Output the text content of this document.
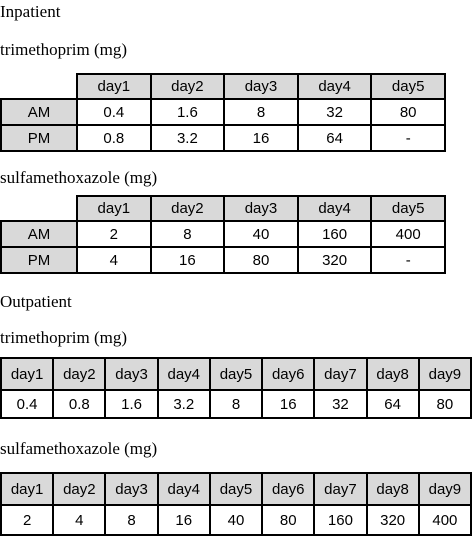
Inpatient
trimethoprim (mg)
	day1	day2	day3	day4	day5
AM	0.4	1.6	8	32	80
PM	0.8	3.2	16	64	-
sulfamethoxazole (mg)
	day1	day2	day3	day4	day5
AM	2	8	40	160	400
PM	4	16	80	320	-
Outpatient
trimethoprim (mg)
day1	day2	day3	day4	day5	day6	day7	day8	day9
0.4	0.8	1.6	3.2	8	16	32	64	80
sulfamethoxazole (mg)
day1	day2	day3	day4	day5	day6	day7	day8	day9
2	4	8	16	40	80	160	320	400
